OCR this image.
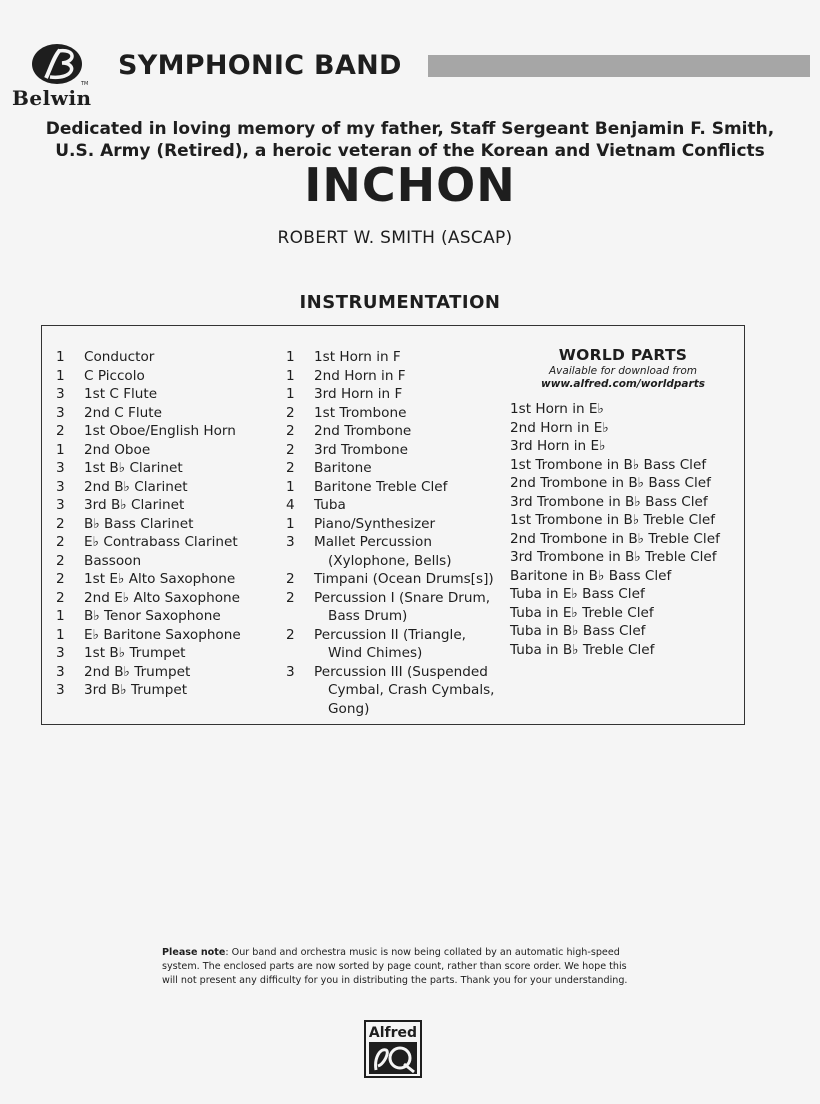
TM
Belwin
SYMPHONIC BAND
Dedicated in loving memory of my father, Staff Sergeant Benjamin F. Smith,
U.S. Army (Retired), a heroic veteran of the Korean and Vietnam Conflicts
INCHON
ROBERT W. SMITH (ASCAP)
INSTRUMENTATION
1	Conductor
1	C Piccolo
3	1st C Flute
3	2nd C Flute
2	1st Oboe/English Horn
1	2nd Oboe
3	1st B♭ Clarinet
3	2nd B♭ Clarinet
3	3rd B♭ Clarinet
2	B♭ Bass Clarinet
2	E♭ Contrabass Clarinet
2	Bassoon
2	1st E♭ Alto Saxophone
2	2nd E♭ Alto Saxophone
1	B♭ Tenor Saxophone
1	E♭ Baritone Saxophone
3	1st B♭ Trumpet
3	2nd B♭ Trumpet
3	3rd B♭ Trumpet
1	1st Horn in F
1	2nd Horn in F
1	3rd Horn in F
2	1st Trombone
2	2nd Trombone
2	3rd Trombone
2	Baritone
1	Baritone Treble Clef
4	Tuba
1	Piano/Synthesizer
3	Mallet Percussion
(Xylophone, Bells)
2	Timpani (Ocean Drums[s])
2	Percussion I (Snare Drum,
Bass Drum)
2	Percussion II (Triangle,
Wind Chimes)
3	Percussion III (Suspended
Cymbal, Crash Cymbals,
Gong)
WORLD PARTS
Available for download from
www.alfred.com/worldparts
1st Horn in E♭
2nd Horn in E♭
3rd Horn in E♭
1st Trombone in B♭ Bass Clef
2nd Trombone in B♭ Bass Clef
3rd Trombone in B♭ Bass Clef
1st Trombone in B♭ Treble Clef
2nd Trombone in B♭ Treble Clef
3rd Trombone in B♭ Treble Clef
Baritone in B♭ Bass Clef
Tuba in E♭ Bass Clef
Tuba in E♭ Treble Clef
Tuba in B♭ Bass Clef
Tuba in B♭ Treble Clef
Please note: Our band and orchestra music is now being collated by an automatic high-speed system. The enclosed parts are now sorted by page count, rather than score order. We hope this will not present any difficulty for you in distributing the parts. Thank you for your understanding.
Alfred
